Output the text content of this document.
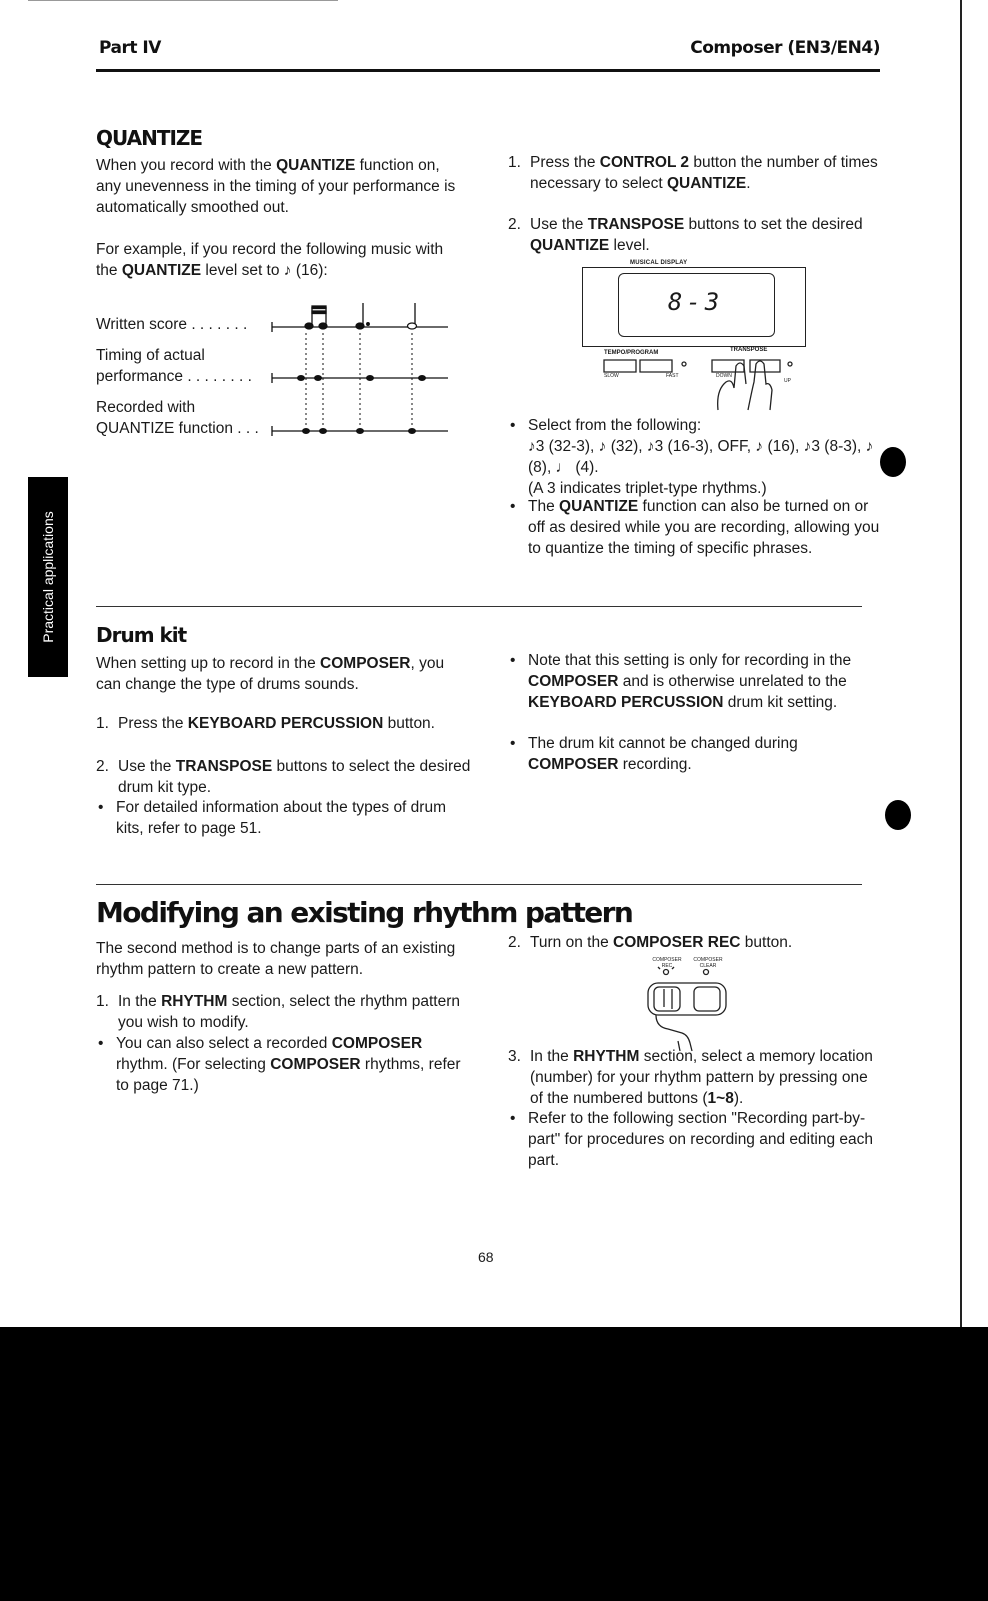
Part IV	Composer (EN3/EN4)
QUANTIZE

When you record with the QUANTIZE function on, any unevenness in the timing of your performance is automatically smoothed out.

For example, if you record the following music with the QUANTIZE level set to ♪ (16):

Written score . . . . . . .
Timing of actual
performance . . . . . . . .
Recorded with
QUANTIZE function . . .

1. Press the CONTROL 2 button the number of times necessary to select QUANTIZE.

2. Use the TRANSPOSE buttons to set the desired QUANTIZE level.

MUSICAL DISPLAY
8-3
TEMPO/PROGRAM	TRANSPOSE
SLOW	FAST	DOWN
UP

• Select from the following:
♪3 (32-3), ♪ (32), ♪3 (16-3), OFF, ♪ (16), ♪3 (8-3), ♪ (8), ♩ (4).
(A 3 indicates triplet-type rhythms.)

• The QUANTIZE function can also be turned on or off as desired while you are recording, allowing you to quantize the timing of specific phrases.

Drum kit

When setting up to record in the COMPOSER, you can change the type of drums sounds.

1. Press the KEYBOARD PERCUSSION button.

2. Use the TRANSPOSE buttons to select the desired drum kit type.

• For detailed information about the types of drum kits, refer to page 51.

• Note that this setting is only for recording in the COMPOSER and is otherwise unrelated to the KEYBOARD PERCUSSION drum kit setting.

• The drum kit cannot be changed during COMPOSER recording.

Modifying an existing rhythm pattern

The second method is to change parts of an existing rhythm pattern to create a new pattern.

1. In the RHYTHM section, select the rhythm pattern you wish to modify.

• You can also select a recorded COMPOSER rhythm. (For selecting COMPOSER rhythms, refer to page 71.)

2. Turn on the COMPOSER REC button.

COMPOSER REC
COMPOSER CLEAR

3. In the RHYTHM section, select a memory location (number) for your rhythm pattern by pressing one of the numbered buttons (1~8).

• Refer to the following section "Recording part-by-part" for procedures on recording and editing each part.

68
Practical applications
